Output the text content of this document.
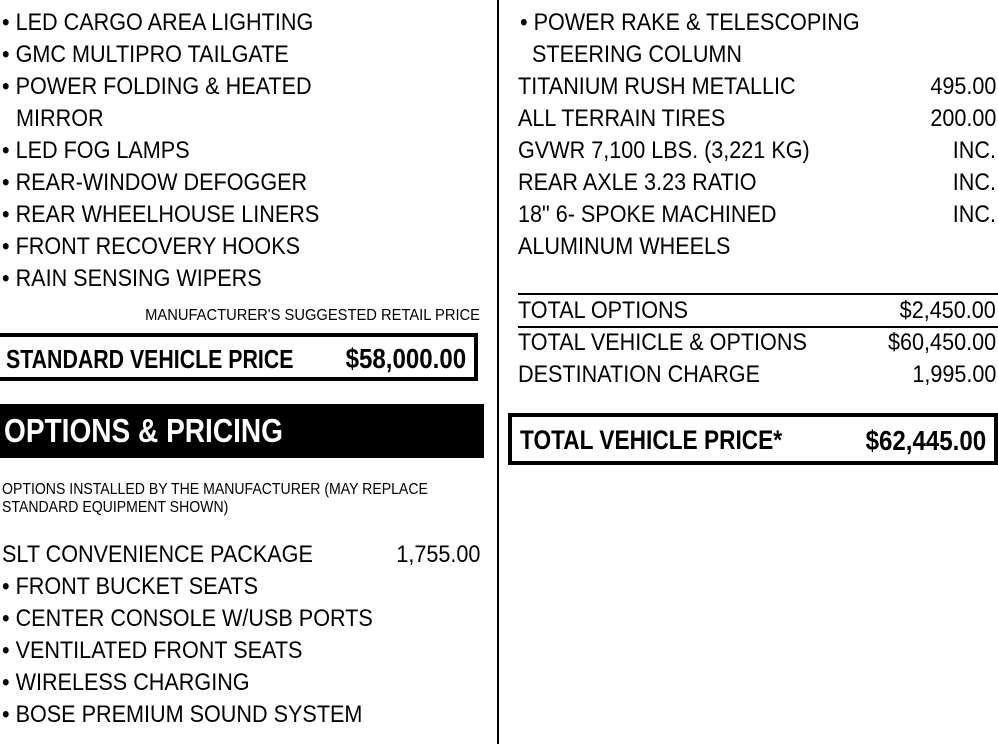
• LED CARGO AREA LIGHTING
• GMC MULTIPRO TAILGATE
• POWER FOLDING & HEATED
MIRROR
• LED FOG LAMPS
• REAR-WINDOW DEFOGGER
• REAR WHEELHOUSE LINERS
• FRONT RECOVERY HOOKS
• RAIN SENSING WIPERS
MANUFACTURER'S SUGGESTED RETAIL PRICE
STANDARD VEHICLE PRICE $58,000.00
OPTIONS & PRICING
OPTIONS INSTALLED BY THE MANUFACTURER (MAY REPLACE STANDARD EQUIPMENT SHOWN)
SLT CONVENIENCE PACKAGE	1,755.00
• FRONT BUCKET SEATS
• CENTER CONSOLE W/USB PORTS
• VENTILATED FRONT SEATS
• WIRELESS CHARGING
• BOSE PREMIUM SOUND SYSTEM
• POWER RAKE & TELESCOPING
STEERING COLUMN
TITANIUM RUSH METALLIC	495.00
ALL TERRAIN TIRES	200.00
GVWR 7,100 LBS. (3,221 KG)	INC.
REAR AXLE 3.23 RATIO	INC.
18" 6- SPOKE MACHINED	INC.
ALUMINUM WHEELS
TOTAL OPTIONS	$2,450.00
TOTAL VEHICLE & OPTIONS	$60,450.00
DESTINATION CHARGE	1,995.00
TOTAL VEHICLE PRICE*	$62,445.00
